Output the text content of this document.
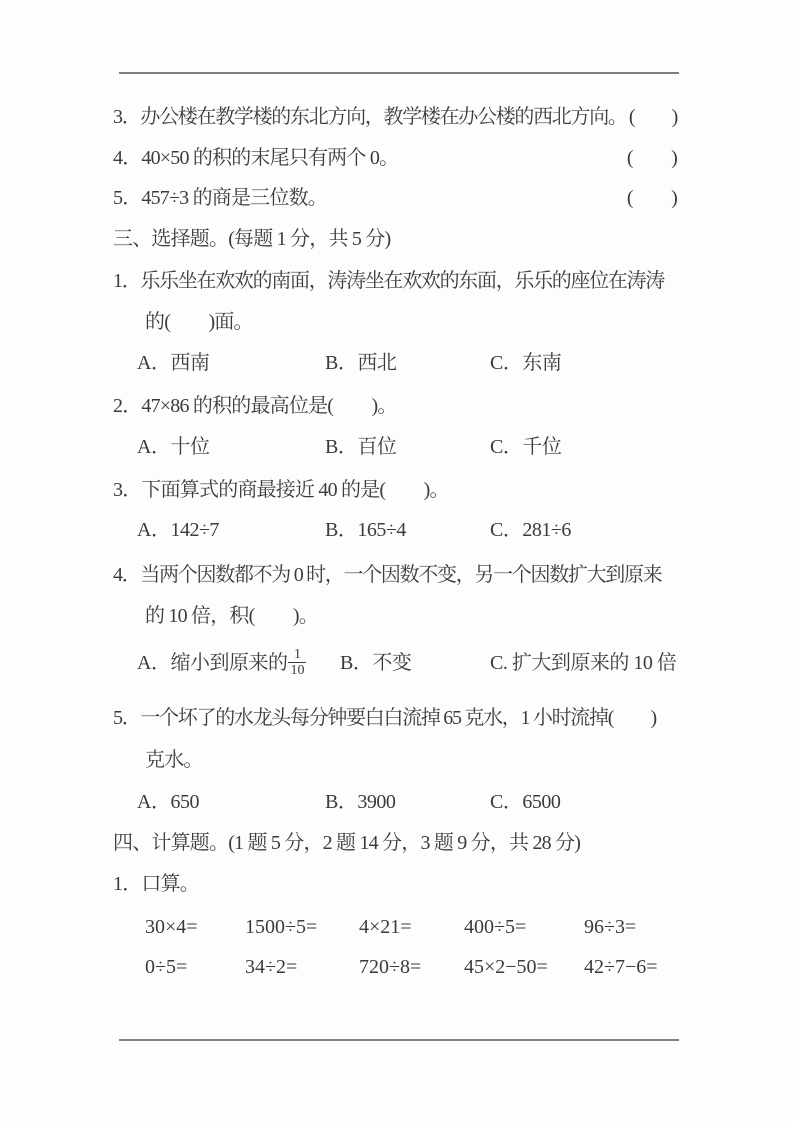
3．办公楼在教学楼的东北方向，教学楼在办公楼的西北方向。 (　　)
4．40×50 的积的末尾只有两个 0。	(　　)
5．457÷3 的商是三位数。	(　　)
三、选择题。(每题 1 分，共 5 分)
1．乐乐坐在欢欢的南面，涛涛坐在欢欢的东面，乐乐的座位在涛涛
的(　　)面。
A．西南	B．西北	C．东南
2．47×86 的积的最高位是(　　)。
A．十位	B．百位	C．千位
3．下面算式的商最接近 40 的是(　　)。
A．142÷7	B．165÷4	C．281÷6
4．当两个因数都不为 0 时，一个因数不变，另一个因数扩大到原来
的 10 倍，积(　　)。
A．缩小到原来的 $\frac{1}{10}$ B．不变	C. 扩大到原来的 10 倍
5．一个坏了的水龙头每分钟要白白流掉 65 克水，1 小时流掉(　　)
克水。
A．650	B．3900	C．6500
四、计算题。(1 题 5 分，2 题 14 分，3 题 9 分，共 28 分)
1．口算。
30×4=	1500÷5=	4×21=	400÷5=	96÷3=
0÷5=	34÷2=	720÷8=	45×2−50=	42÷7−6=
